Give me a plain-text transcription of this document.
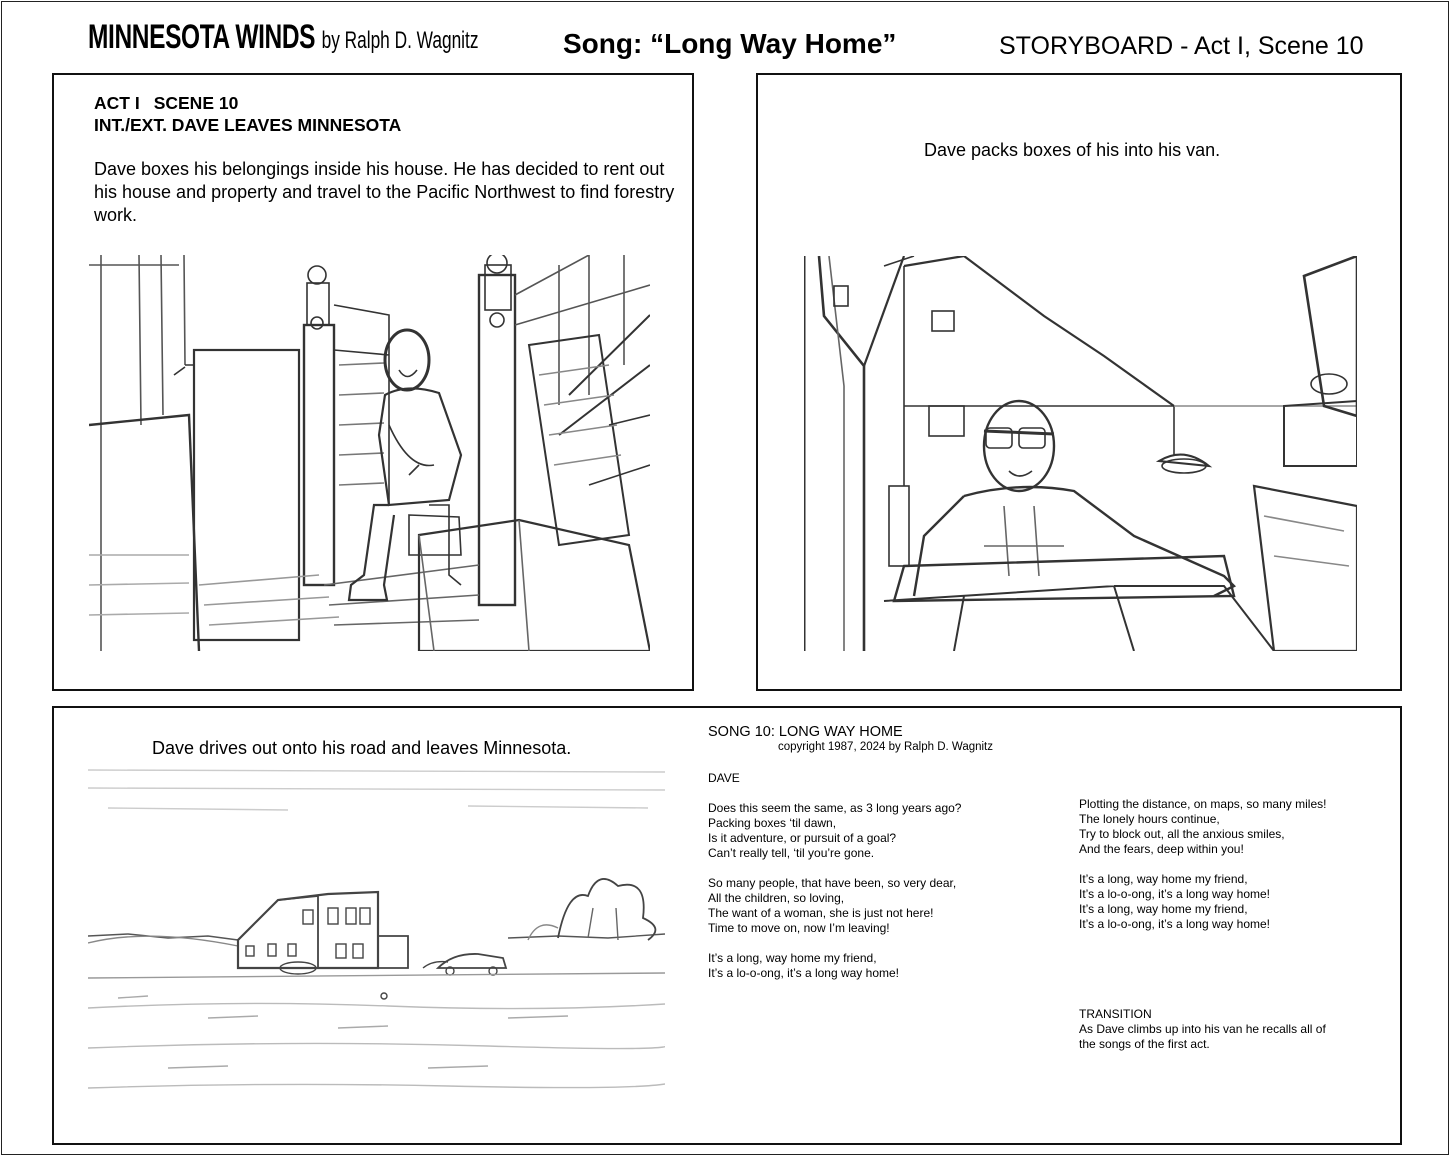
MINNESOTA WINDS by Ralph D. Wagnitz	Song: “Long Way Home”	STORYBOARD - Act I, Scene 10
ACT I SCENE 10
INT./EXT. DAVE LEAVES MINNESOTA
Dave boxes his belongings inside his house. He has decided to rent out his house and property and travel to the Pacific Northwest to find forestry work.
Dave packs boxes of his into his van.
Dave drives out onto his road and leaves Minnesota.
SONG 10: LONG WAY HOME
copyright 1987, 2024 by Ralph D. Wagnitz
DAVE
Does this seem the same, as 3 long years ago?
Packing boxes ‘til dawn,
Is it adventure, or pursuit of a goal?
Can’t really tell, ‘til you’re gone.
So many people, that have been, so very dear,
All the children, so loving,
The want of a woman, she is just not here!
Time to move on, now I’m leaving!
It’s a long, way home my friend,
It’s a lo-o-ong, it’s a long way home!
Plotting the distance, on maps, so many miles!
The lonely hours continue,
Try to block out, all the anxious smiles,
And the fears, deep within you!
It’s a long, way home my friend,
It’s a lo-o-ong, it’s a long way home!
It’s a long, way home my friend,
It’s a lo-o-ong, it’s a long way home!
TRANSITION
As Dave climbs up into his van he recalls all of
the songs of the first act.
